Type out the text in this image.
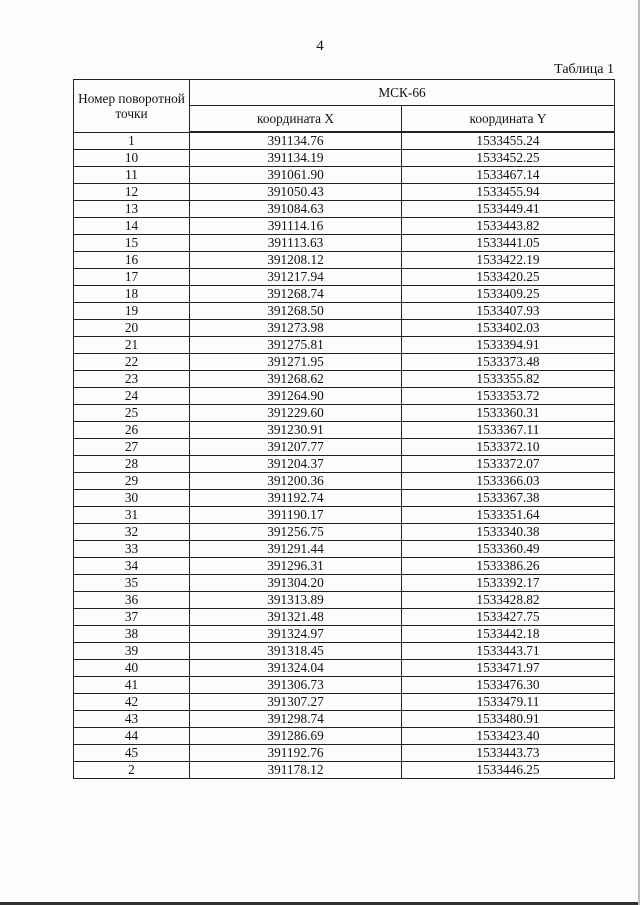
4
Таблица 1
Номер поворотной точки	МСК-66	
	координата X	координата Y
1	391134.76	1533455.24
10	391134.19	1533452.25
11	391061.90	1533467.14
12	391050.43	1533455.94
13	391084.63	1533449.41
14	391114.16	1533443.82
15	391113.63	1533441.05
16	391208.12	1533422.19
17	391217.94	1533420.25
18	391268.74	1533409.25
19	391268.50	1533407.93
20	391273.98	1533402.03
21	391275.81	1533394.91
22	391271.95	1533373.48
23	391268.62	1533355.82
24	391264.90	1533353.72
25	391229.60	1533360.31
26	391230.91	1533367.11
27	391207.77	1533372.10
28	391204.37	1533372.07
29	391200.36	1533366.03
30	391192.74	1533367.38
31	391190.17	1533351.64
32	391256.75	1533340.38
33	391291.44	1533360.49
34	391296.31	1533386.26
35	391304.20	1533392.17
36	391313.89	1533428.82
37	391321.48	1533427.75
38	391324.97	1533442.18
39	391318.45	1533443.71
40	391324.04	1533471.97
41	391306.73	1533476.30
42	391307.27	1533479.11
43	391298.74	1533480.91
44	391286.69	1533423.40
45	391192.76	1533443.73
2	391178.12	1533446.25
